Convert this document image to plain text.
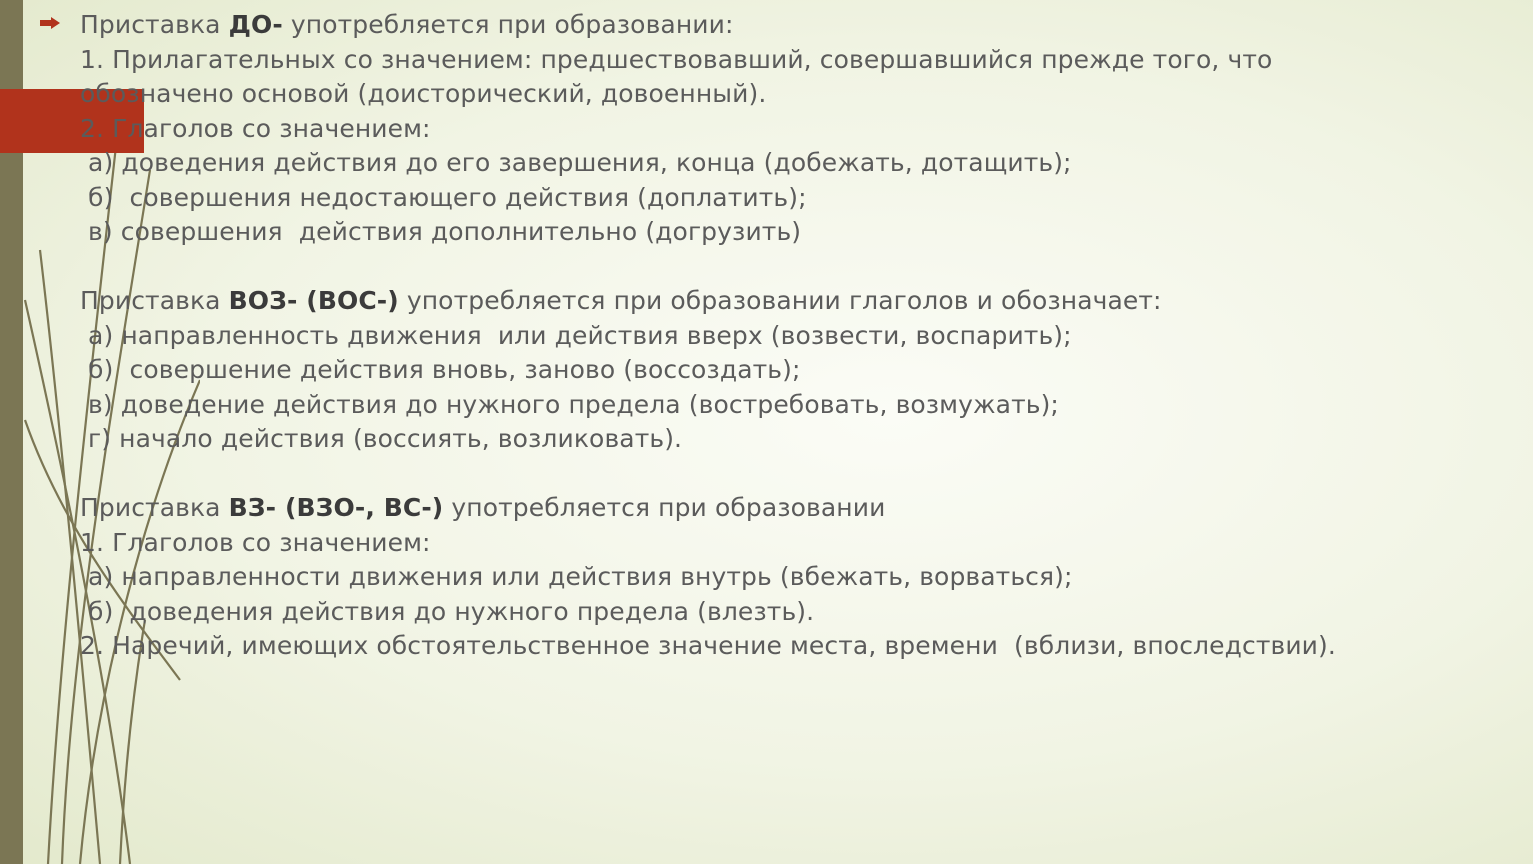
Приставка ДО- употребляется при образовании:
1. Прилагательных со значением: предшествовавший, совершавшийся прежде того, что
обозначено основой (доисторический, довоенный).
2. Глаголов со значением:
а) доведения действия до его завершения, конца (добежать, дотащить);
б)  совершения недостающего действия (доплатить);
в) совершения  действия дополнительно (догрузить)
Приставка ВОЗ- (ВОС-) употребляется при образовании глаголов и обозначает:
а) направленность движения  или действия вверх (возвести, воспарить);
б)  совершение действия вновь, заново (воссоздать);
в) доведение действия до нужного предела (востребовать, возмужать);
г) начало действия (воссиять, возликовать).
Приставка ВЗ- (ВЗО-, ВС-) употребляется при образовании
1. Глаголов со значением:
а) направленности движения или действия внутрь (вбежать, ворваться);
б)  доведения действия до нужного предела (влезть).
2. Наречий, имеющих обстоятельственное значение места, времени  (вблизи, впоследствии).
